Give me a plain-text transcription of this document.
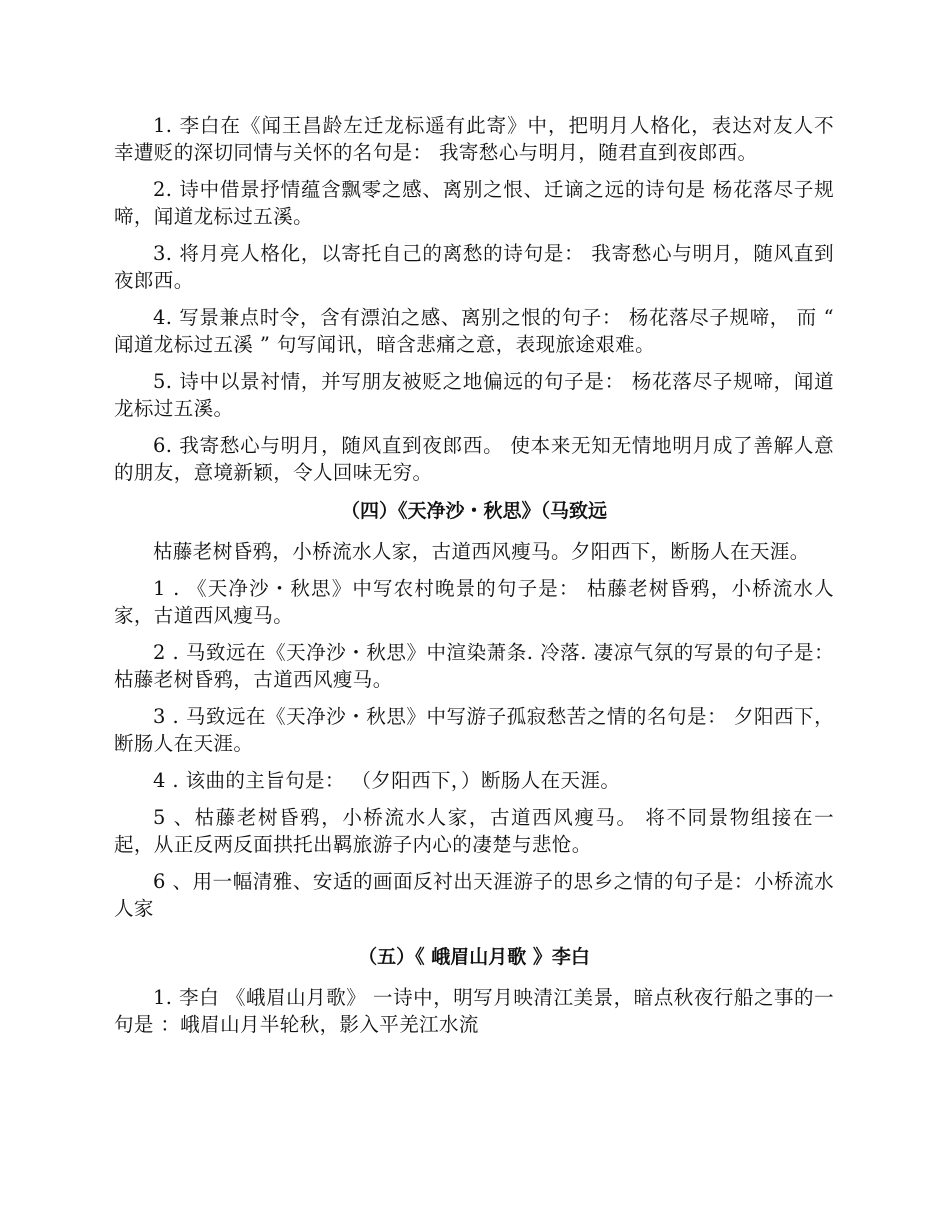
1. 李白在《闻王昌龄左迁龙标遥有此寄》中，把明月人格化，表达对友人不幸遭贬的深切同情与关怀的名句是： 我寄愁心与明月，随君直到夜郎西。

2. 诗中借景抒情蕴含飘零之感、离别之恨、迁谪之远的诗句是 杨花落尽子规啼，闻道龙标过五溪。

3. 将月亮人格化，以寄托自己的离愁的诗句是： 我寄愁心与明月，随风直到夜郎西。

4. 写景兼点时令，含有漂泊之感、离别之恨的句子： 杨花落尽子规啼， 而 “ 闻道龙标过五溪 ” 句写闻讯，暗含悲痛之意，表现旅途艰难。

5. 诗中以景衬情，并写朋友被贬之地偏远的句子是： 杨花落尽子规啼，闻道龙标过五溪。

6. 我寄愁心与明月，随风直到夜郎西。 使本来无知无情地明月成了善解人意的朋友，意境新颖，令人回味无穷。

（四）《天净沙・秋思》（马致远

枯藤老树昏鸦，小桥流水人家，古道西风瘦马。夕阳西下，断肠人在天涯。

1 . 《天净沙・秋思》中写农村晚景的句子是： 枯藤老树昏鸦，小桥流水人家，古道西风瘦马。

2 . 马致远在《天净沙・秋思》中渲染萧条. 冷落. 凄凉气氛的写景的句子是： 枯藤老树昏鸦，古道西风瘦马。

3 . 马致远在《天净沙・秋思》中写游子孤寂愁苦之情的名句是： 夕阳西下，断肠人在天涯。

4 . 该曲的主旨句是： （夕阳西下，）断肠人在天涯。

5 、枯藤老树昏鸦，小桥流水人家，古道西风瘦马。 将不同景物组接在一起，从正反两反面拱托出羁旅游子内心的凄楚与悲怆。

6 、用一幅清雅、安适的画面反衬出天涯游子的思乡之情的句子是：小桥流水人家

（五）《 峨眉山月歌 》李白

1. 李白 《峨眉山月歌》 一诗中，明写月映清江美景，暗点秋夜行船之事的一句是 ：峨眉山月半轮秋，影入平羌江水流
